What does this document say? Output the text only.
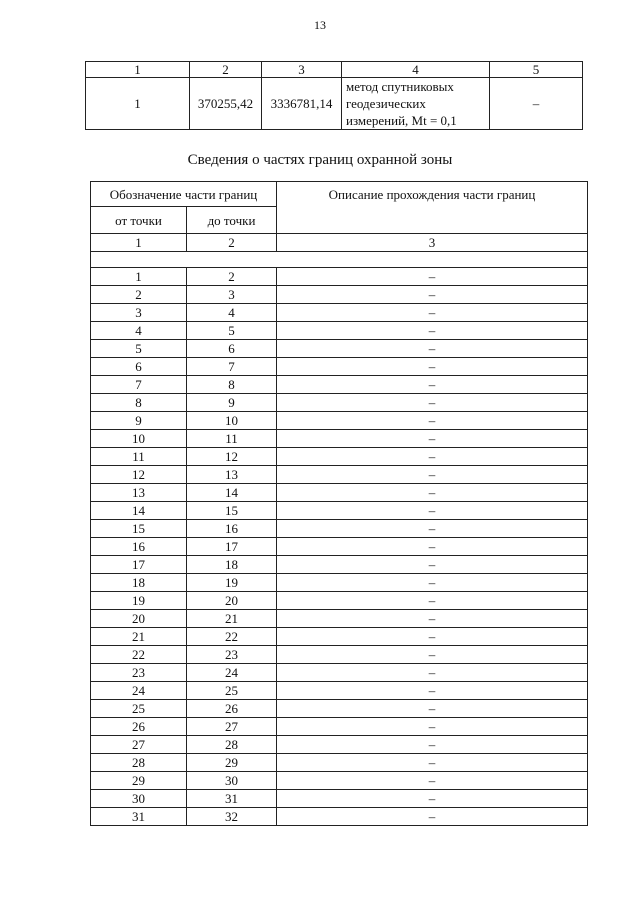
13
1	2	3	4	5
1	370255,42	3336781,14	метод спутниковых
геодезических
измерений, Mt = 0,1	–
Сведения о частях границ охранной зоны
Обозначение части границ		Описание прохождения части границ
от точки	до точки	
1	2	3

1	2	–
2	3	–
3	4	–
4	5	–
5	6	–
6	7	–
7	8	–
8	9	–
9	10	–
10	11	–
11	12	–
12	13	–
13	14	–
14	15	–
15	16	–
16	17	–
17	18	–
18	19	–
19	20	–
20	21	–
21	22	–
22	23	–
23	24	–
24	25	–
25	26	–
26	27	–
27	28	–
28	29	–
29	30	–
30	31	–
31	32	–
